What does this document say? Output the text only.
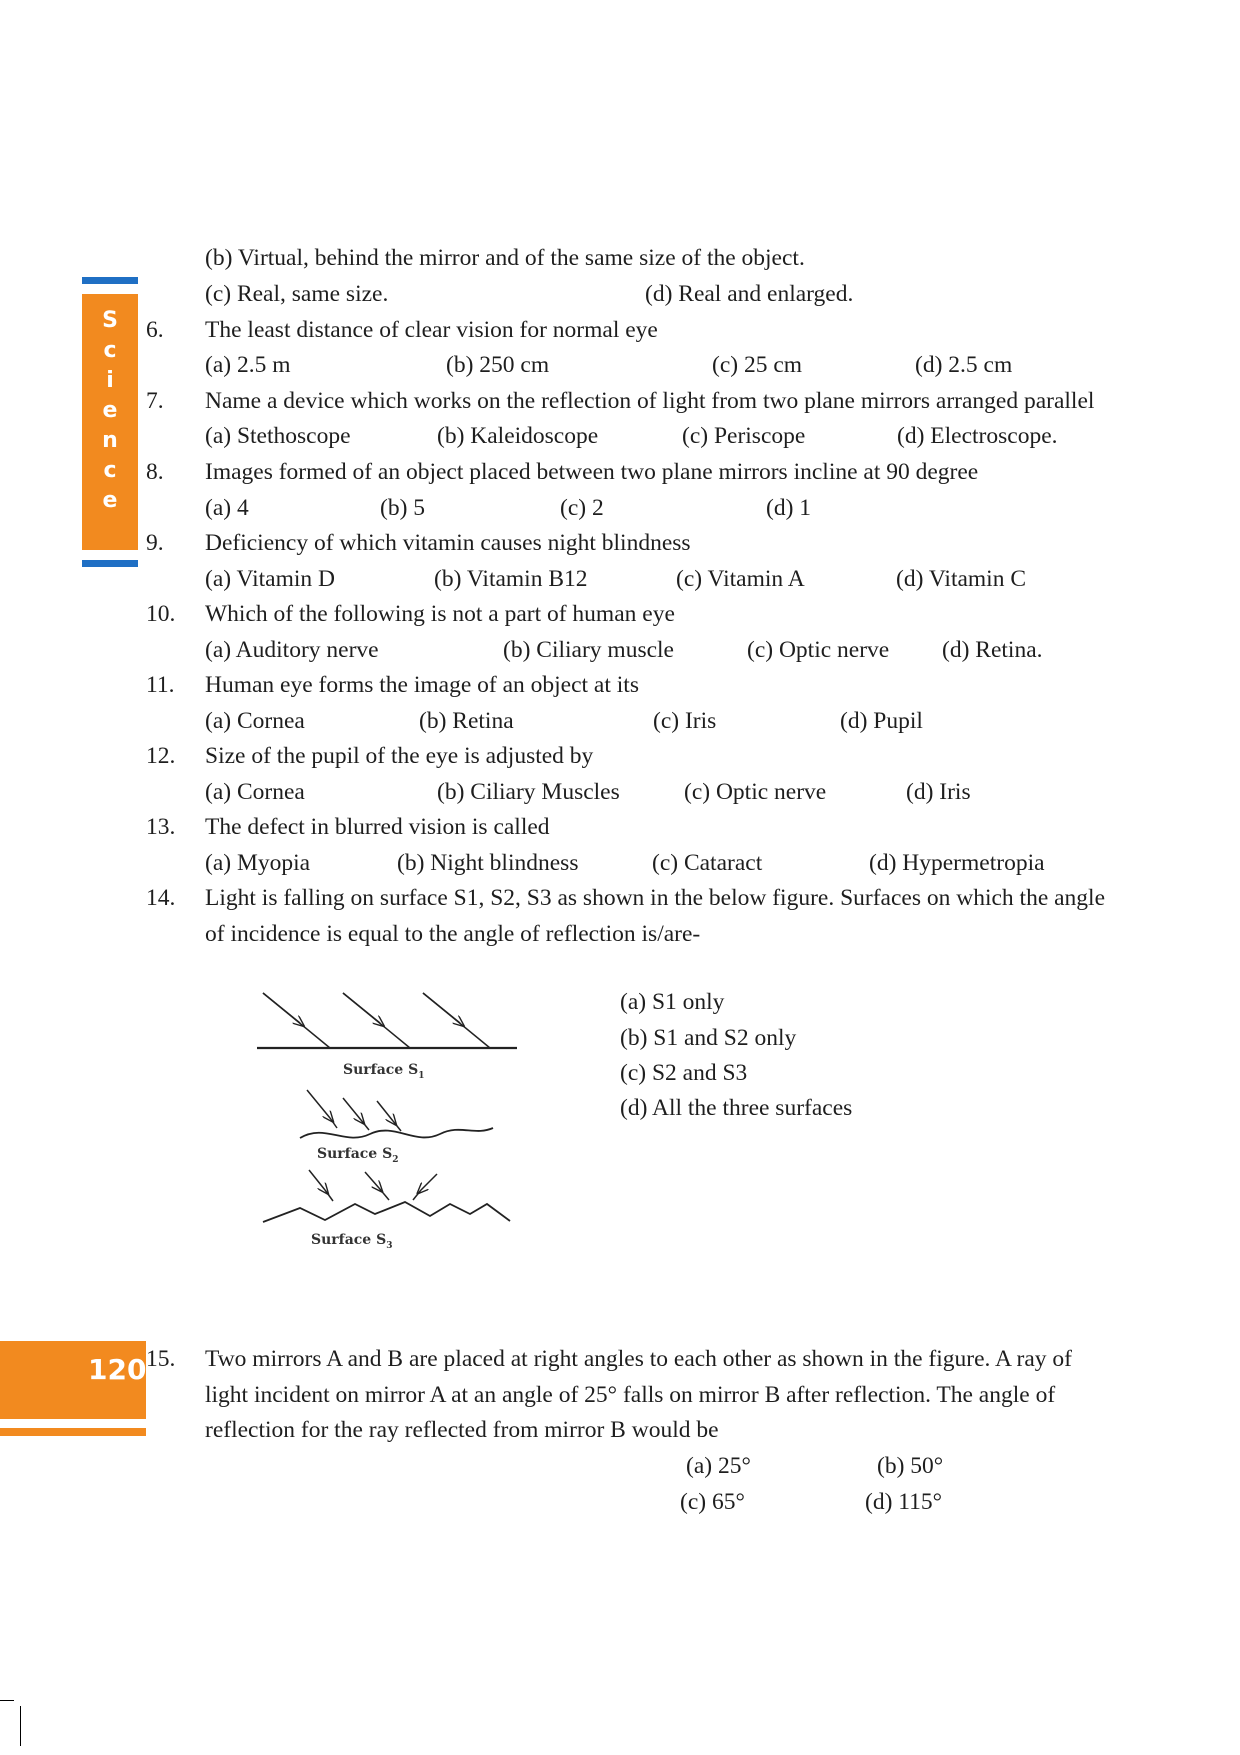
S
c
i
e
n
c
e
120
(b) Virtual, behind the mirror and of the same size of the object.
(c) Real, same size.	(d) Real and enlarged.
6. The least distance of clear vision for normal eye
(a) 2.5 m	(b) 250 cm	(c) 25 cm	(d) 2.5 cm
7. Name a device which works on the reflection of light from two plane mirrors arranged parallel
(a) Stethoscope	(b) Kaleidoscope	(c) Periscope	(d) Electroscope.
8. Images formed of an object placed between two plane mirrors incline at 90 degree
(a) 4	(b) 5	(c) 2	(d) 1
9. Deficiency of which vitamin causes night blindness
(a) Vitamin D	(b) Vitamin B12	(c) Vitamin A	(d) Vitamin C
10. Which of the following is not a part of human eye
(a) Auditory nerve	(b) Ciliary muscle	(c) Optic nerve (d) Retina.
11. Human eye forms the image of an object at its
(a) Cornea	(b) Retina	(c) Iris	(d) Pupil
12. Size of the pupil of the eye is adjusted by
(a) Cornea	(b) Ciliary Muscles	(c) Optic nerve	(d) Iris
13. The defect in blurred vision is called
(a) Myopia	(b) Night blindness	(c) Cataract	(d) Hypermetropia
14. Light is falling on surface S1, S2, S3 as shown in the below figure. Surfaces on which the angle
of incidence is equal to the angle of reflection is/are-
Surface $S_1$
Surface $S_2$
Surface $S_3$
(a) S1 only
(b) S1 and S2 only
(c) S2 and S3
(d) All the three surfaces
15. Two mirrors A and B are placed at right angles to each other as shown in the figure. A ray of
light incident on mirror A at an angle of 25° falls on mirror B after reflection. The angle of
reflection for the ray reflected from mirror B would be
(a) 25°	(b) 50°
(c) 65°	(d) 115°
